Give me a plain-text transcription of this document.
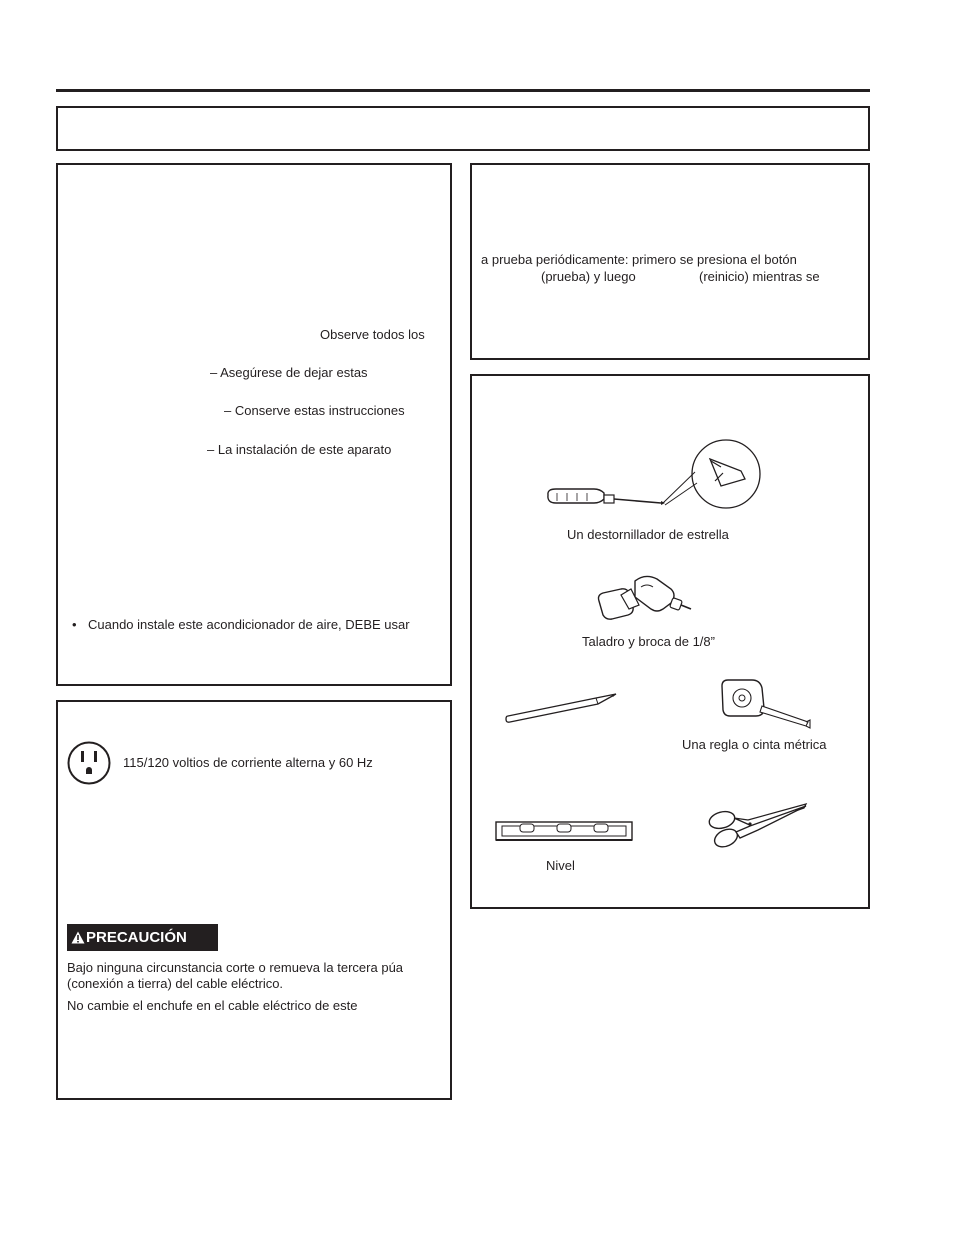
Observe todos los
– Asegúrese de dejar estas
– Conserve estas instrucciones
– La instalación de este aparato
• Cuando instale este acondicionador de aire, DEBE usar
115/120 voltios de corriente alterna y 60 Hz
PRECAUCIÓN
Bajo ninguna circunstancia corte o remueva la tercera púa
(conexión a tierra) del cable eléctrico.
No cambie el enchufe en el cable eléctrico de este
a prueba periódicamente: primero se presiona el botón
(prueba) y luego	(reinicio) mientras se
Un destornillador de estrella
Taladro y broca de 1/8”
Una regla o cinta métrica
Nivel
